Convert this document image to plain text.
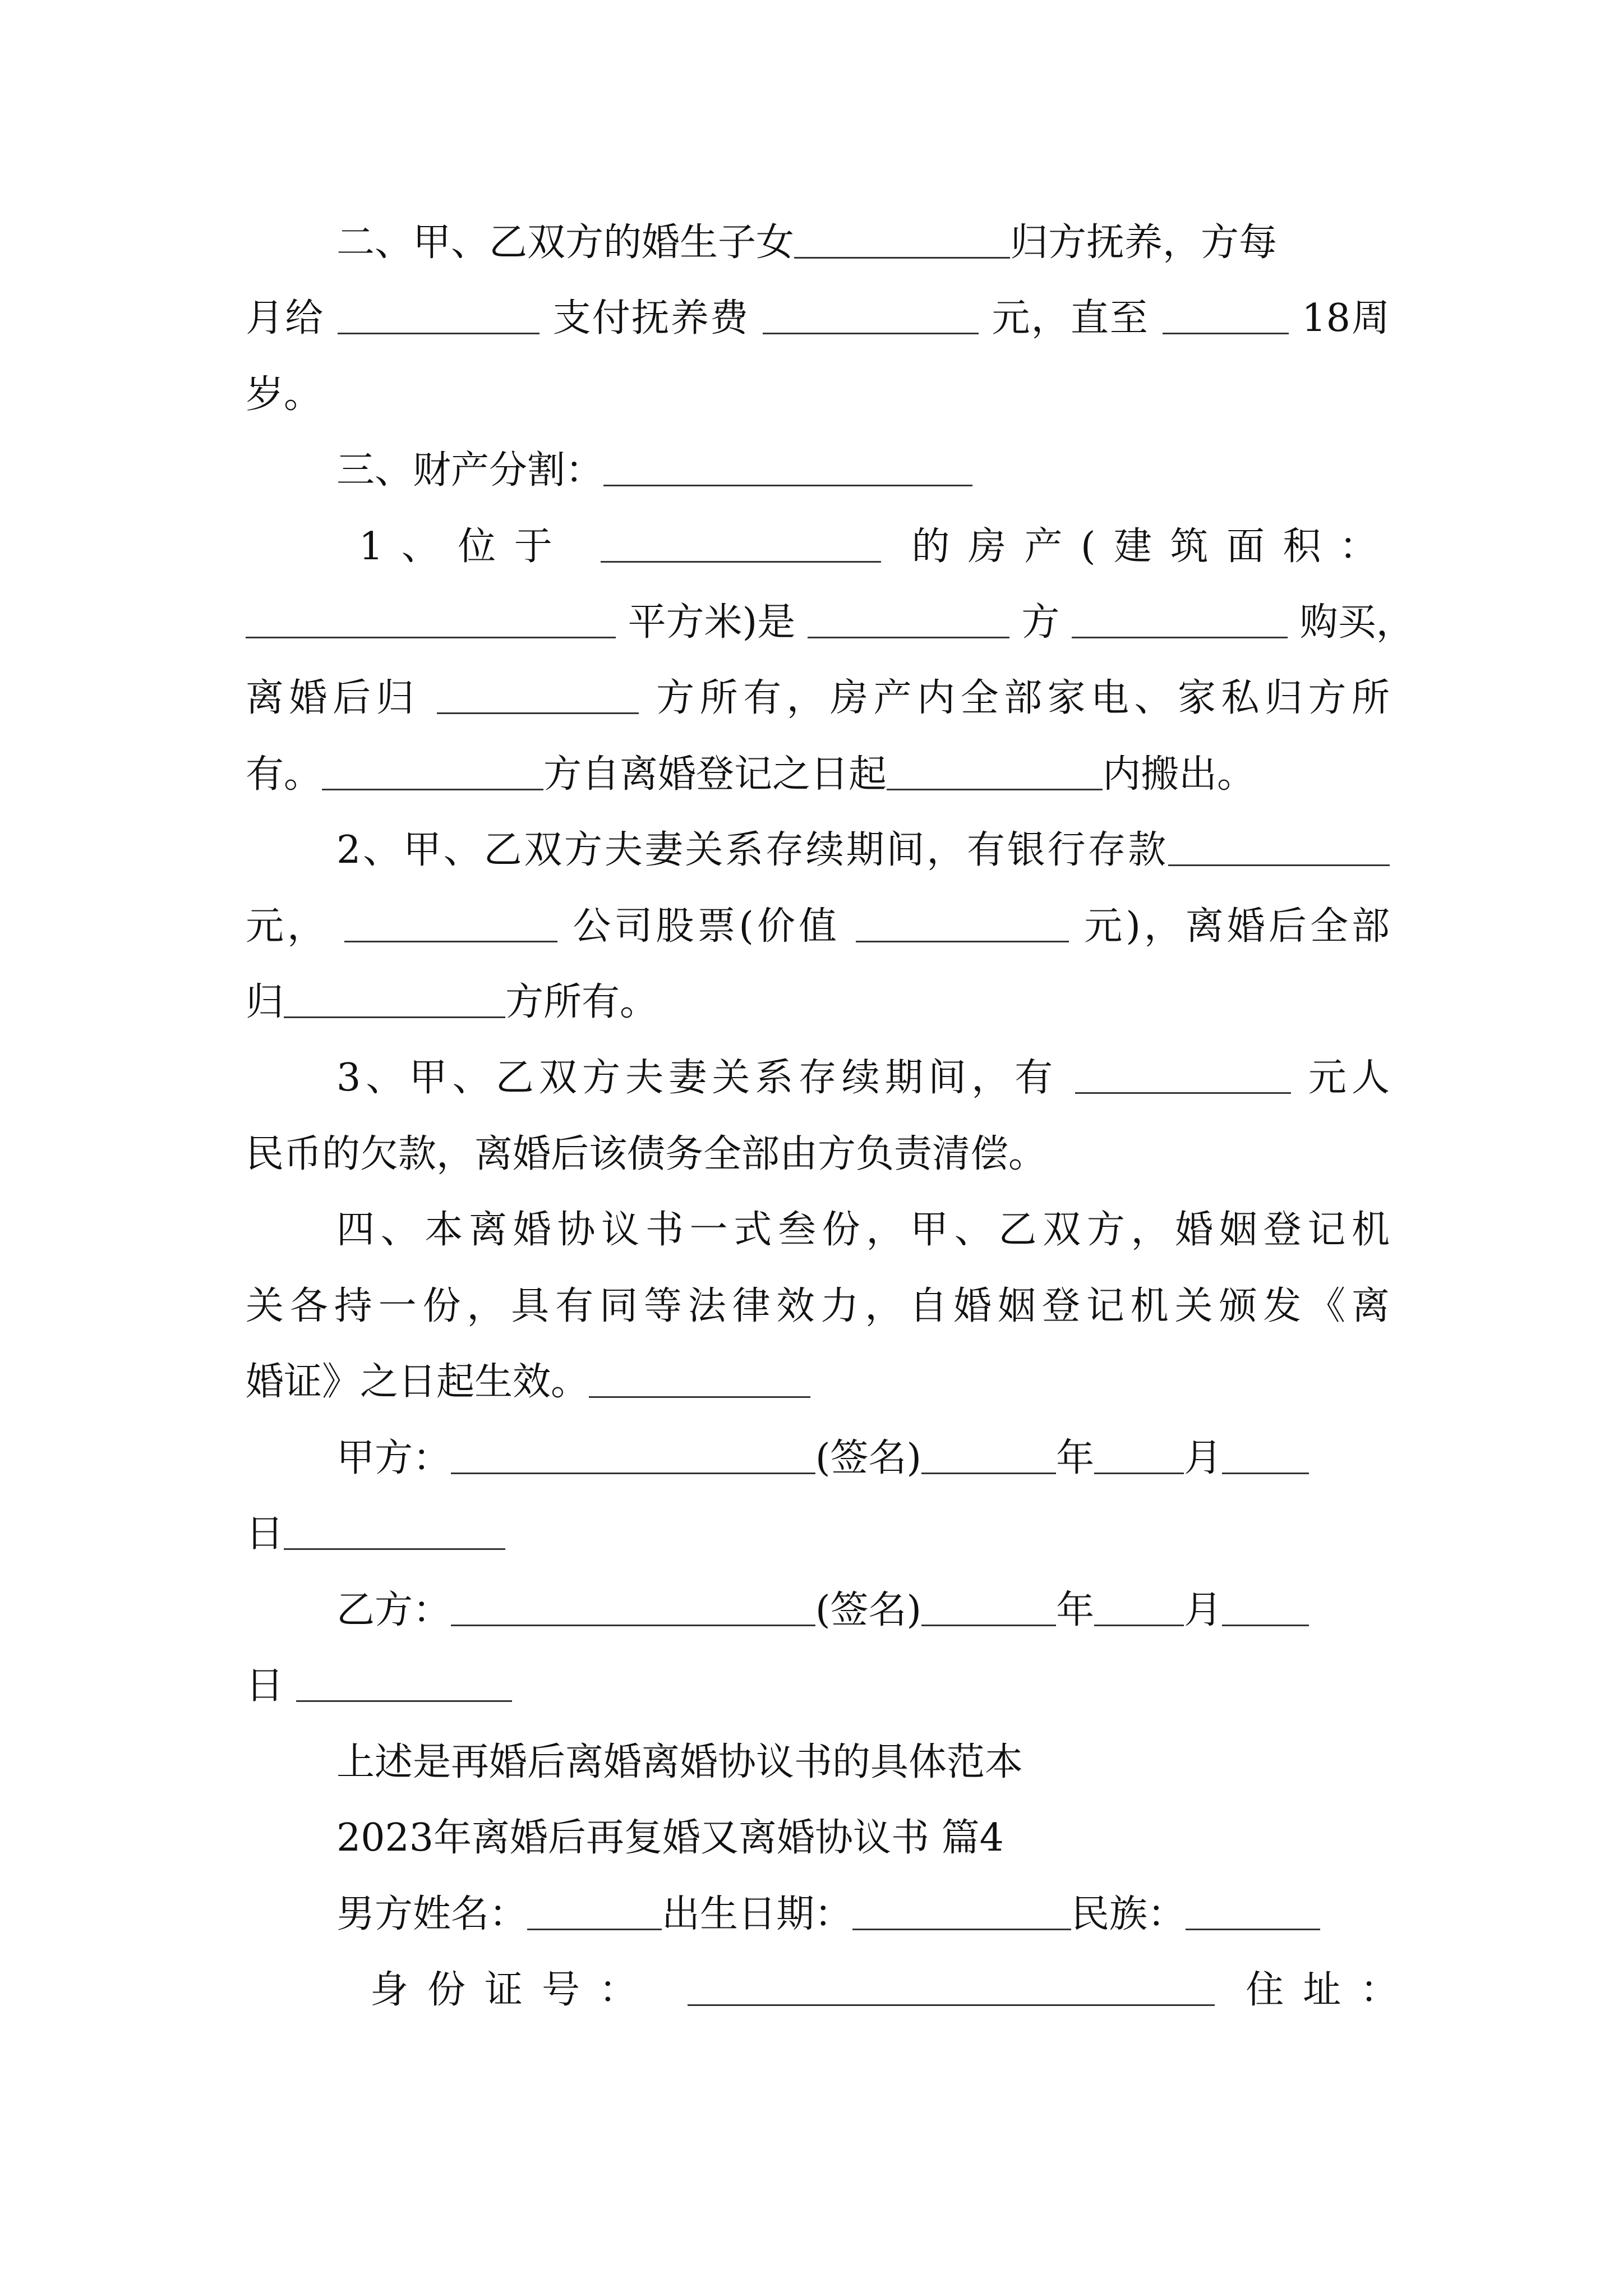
二、甲、乙双方的婚生子女	归方抚养，方每
月给	支付抚养费	元，直至	18周
岁。
三、财产分割：
1、位于	的房产(建筑面积：
平方米)是	方	购买，
离婚后归	方所有，房产内全部家电、家私归方所
有。	方自离婚登记之日起	内搬出。
2、甲、乙双方夫妻关系存续期间，有银行存款
元，	公司股票(价值	元)，离婚后全部
归	方所有。
3、甲、乙双方夫妻关系存续期间，有	元人
民币的欠款，离婚后该债务全部由方负责清偿。
四、本离婚协议书一式叁份，甲、乙双方，婚姻登记机
关各持一份，具有同等法律效力，自婚姻登记机关颁发《离
婚证》之日起生效。
甲方：	(签名)	年 月
日
乙方：	(签名)	年 月
日
上述是再婚后离婚离婚协议书的具体范本
2023年离婚后再复婚又离婚协议书 篇4
男方姓名：	出生日期：	民族：
身份证号：	住址：
